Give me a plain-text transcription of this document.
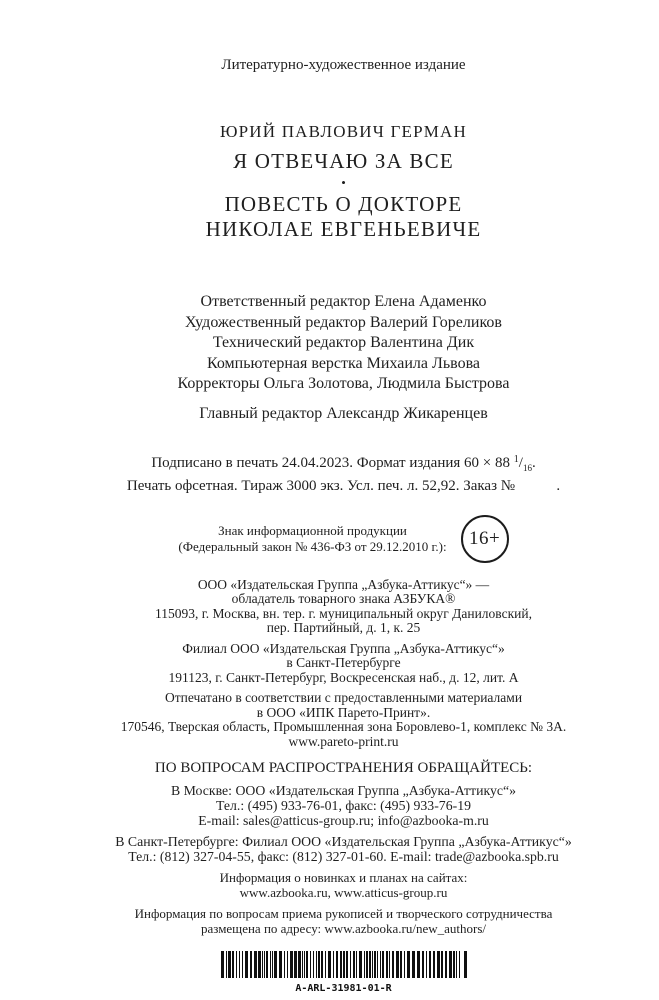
Литературно-художественное издание
ЮРИЙ ПАВЛОВИЧ ГЕРМАН
Я ОТВЕЧАЮ ЗА ВСЕ
•
ПОВЕСТЬ О ДОКТОРЕ
НИКОЛАЕ ЕВГЕНЬЕВИЧЕ
Ответственный редактор Елена Адаменко
Художественный редактор Валерий Гореликов
Технический редактор Валентина Дик
Компьютерная верстка Михаила Львова
Корректоры Ольга Золотова, Людмила Быстрова
Главный редактор Александр Жикаренцев
Подписано в печать 24.04.2023. Формат издания 60 × 88 $^1/_{16}$.
Печать офсетная. Тираж 3000 экз. Усл. печ. л. 52,92. Заказ №           .
Знак информационной продукции
(Федеральный закон № 436-ФЗ от 29.12.2010 г.):	16+
ООО «Издательская Группа „Азбука-Аттикус“» —
обладатель товарного знака АЗБУКА®
115093, г. Москва, вн. тер. г. муниципальный округ Даниловский,
пер. Партийный, д. 1, к. 25
Филиал ООО «Издательская Группа „Азбука-Аттикус“»
в Санкт-Петербурге
191123, г. Санкт-Петербург, Воскресенская наб., д. 12, лит. А
Отпечатано в соответствии с предоставленными материалами
в ООО «ИПК Парето-Принт».
170546, Тверская область, Промышленная зона Боровлево-1, комплекс № 3А.
www.pareto-print.ru
ПО ВОПРОСАМ РАСПРОСТРАНЕНИЯ ОБРАЩАЙТЕСЬ:
В Москве: ООО «Издательская Группа „Азбука-Аттикус“»
Тел.: (495) 933-76-01, факс: (495) 933-76-19
E-mail: sales@atticus-group.ru; info@azbooka-m.ru
В Санкт-Петербурге: Филиал ООО «Издательская Группа „Азбука-Аттикус“»
Тел.: (812) 327-04-55, факс: (812) 327-01-60. E-mail: trade@azbooka.spb.ru
Информация о новинках и планах на сайтах:
www.azbooka.ru, www.atticus-group.ru
Информация по вопросам приема рукописей и творческого сотрудничества
размещена по адресу: www.azbooka.ru/new_authors/
A-ARL-31981-01-R
